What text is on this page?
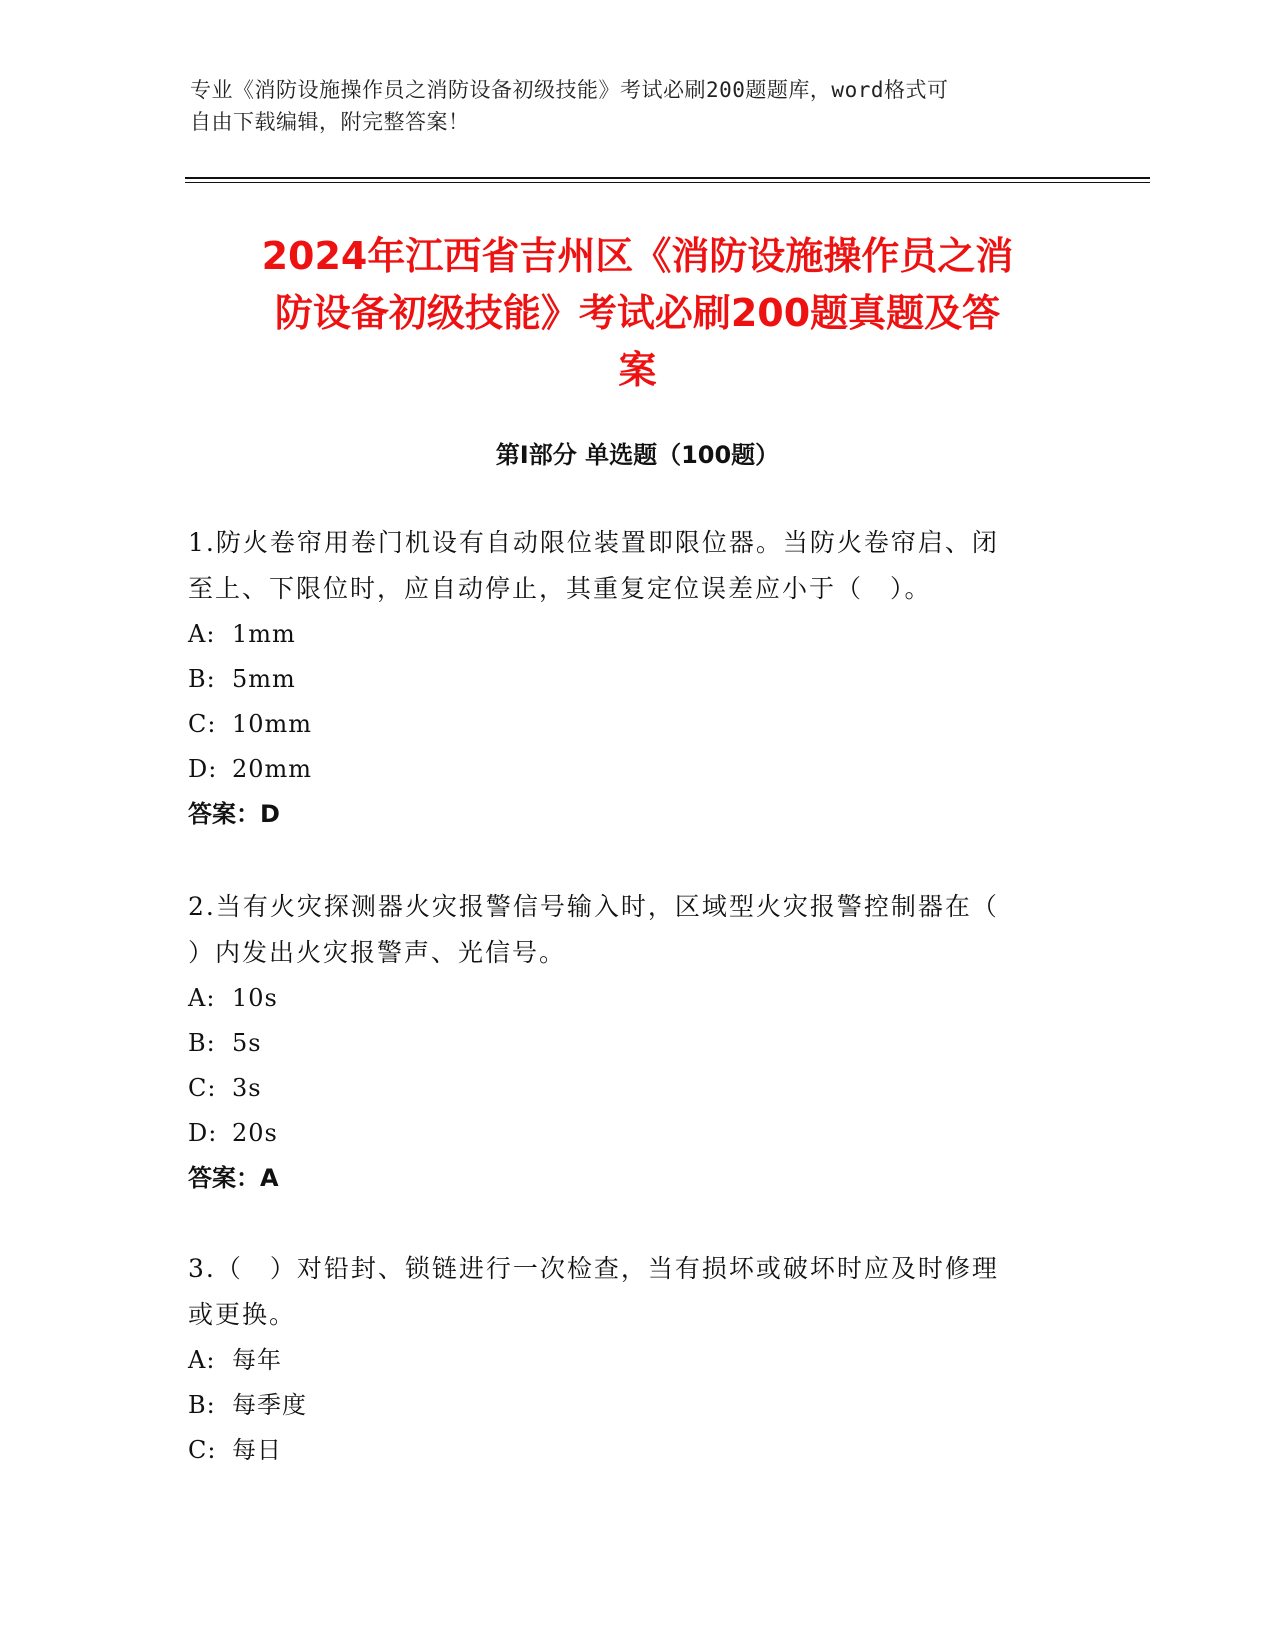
专业《消防设施操作员之消防设备初级技能》考试必刷200题题库，word格式可
自由下载编辑，附完整答案！
2024年江西省吉州区《消防设施操作员之消
防设备初级技能》考试必刷200题真题及答
案
第Ⅰ部分 单选题（100题）
1.防火卷帘用卷门机设有自动限位装置即限位器。当防火卷帘启、闭
至上、下限位时，应自动停止，其重复定位误差应小于（　）。
A: 1mm
B: 5mm
C: 10mm
D: 20mm
答案：D
2.当有火灾探测器火灾报警信号输入时，区域型火灾报警控制器在（
）内发出火灾报警声、光信号。
A: 10s
B: 5s
C: 3s
D: 20s
答案：A
3.（　）对铅封、锁链进行一次检查，当有损坏或破坏时应及时修理
或更换。
A: 每年
B: 每季度
C: 每日
